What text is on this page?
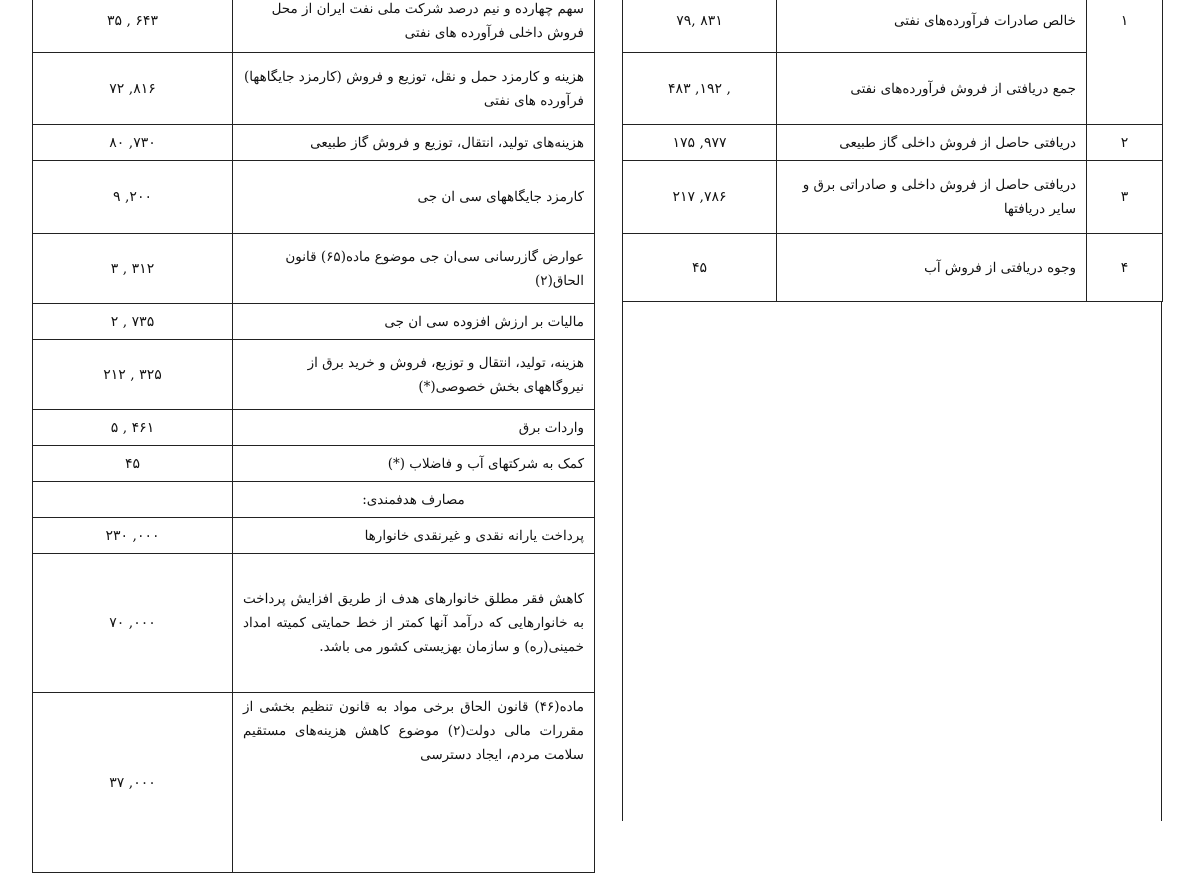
۳۵ , ۶۴۳	سهم چهارده و نیم درصد شرکت ملی نفت ایران از محل فروش داخلی فرآورده های نفتی
۷۲ ,۸۱۶	هزینه و کارمزد حمل و نقل، توزیع و فروش (کارمزد جایگاهها) فرآورده های نفتی
۸۰ ,۷۳۰	هزینه‌های تولید، انتقال، توزیع و فروش گاز طبیعی
۹ ,۲۰۰	کارمزد جایگاههای سی ان جی
۳ , ۳۱۲	عوارض گازرسانی سی‌ان جی موضوع ماده(۶۵) قانون الحاق(۲)
۲ , ۷۳۵	مالیات بر ارزش افزوده سی ان جی
۲۱۲ , ۳۲۵	هزینه، تولید، انتقال و توزیع، فروش و خرید برق از نیروگاههای بخش خصوصی(*)
۵ , ۴۶۱	واردات برق
۴۵	کمک به شرکتهای آب و فاضلاب (*)
	مصارف هدفمندی:
۲۳۰ ,۰۰۰	پرداخت یارانه نقدی و غیرنقدی خانوارها
۷۰ ,۰۰۰	کاهش فقر مطلق خانوارهای هدف از طریق افزایش پرداخت به خانوارهایی که درآمد آنها کمتر از خط حمایتی کمیته امداد خمینی(ره) و سازمان بهزیستی کشور می باشد.
۳۷ ,۰۰۰	ماده(۴۶) قانون الحاق برخی مواد به قانون تنظیم بخشی از مقررات مالی دولت(۲) موضوع کاهش هزینه‌های مستقیم سلامت مردم، ایجاد دسترسی
۷۹, ۸۳۱	خالص صادرات فرآورده‌های نفتی	۱
۴۸۳ ,۱۹۲ ,	جمع دریافتی از فروش فرآورده‌های نفتی	
۱۷۵ ,۹۷۷	دریافتی حاصل از فروش داخلی گاز طبیعی	۲
۲۱۷ ,۷۸۶	دریافتی حاصل از فروش داخلی و صادراتی برق و سایر دریافتها	۳
۴۵	وجوه دریافتی از فروش آب	۴
